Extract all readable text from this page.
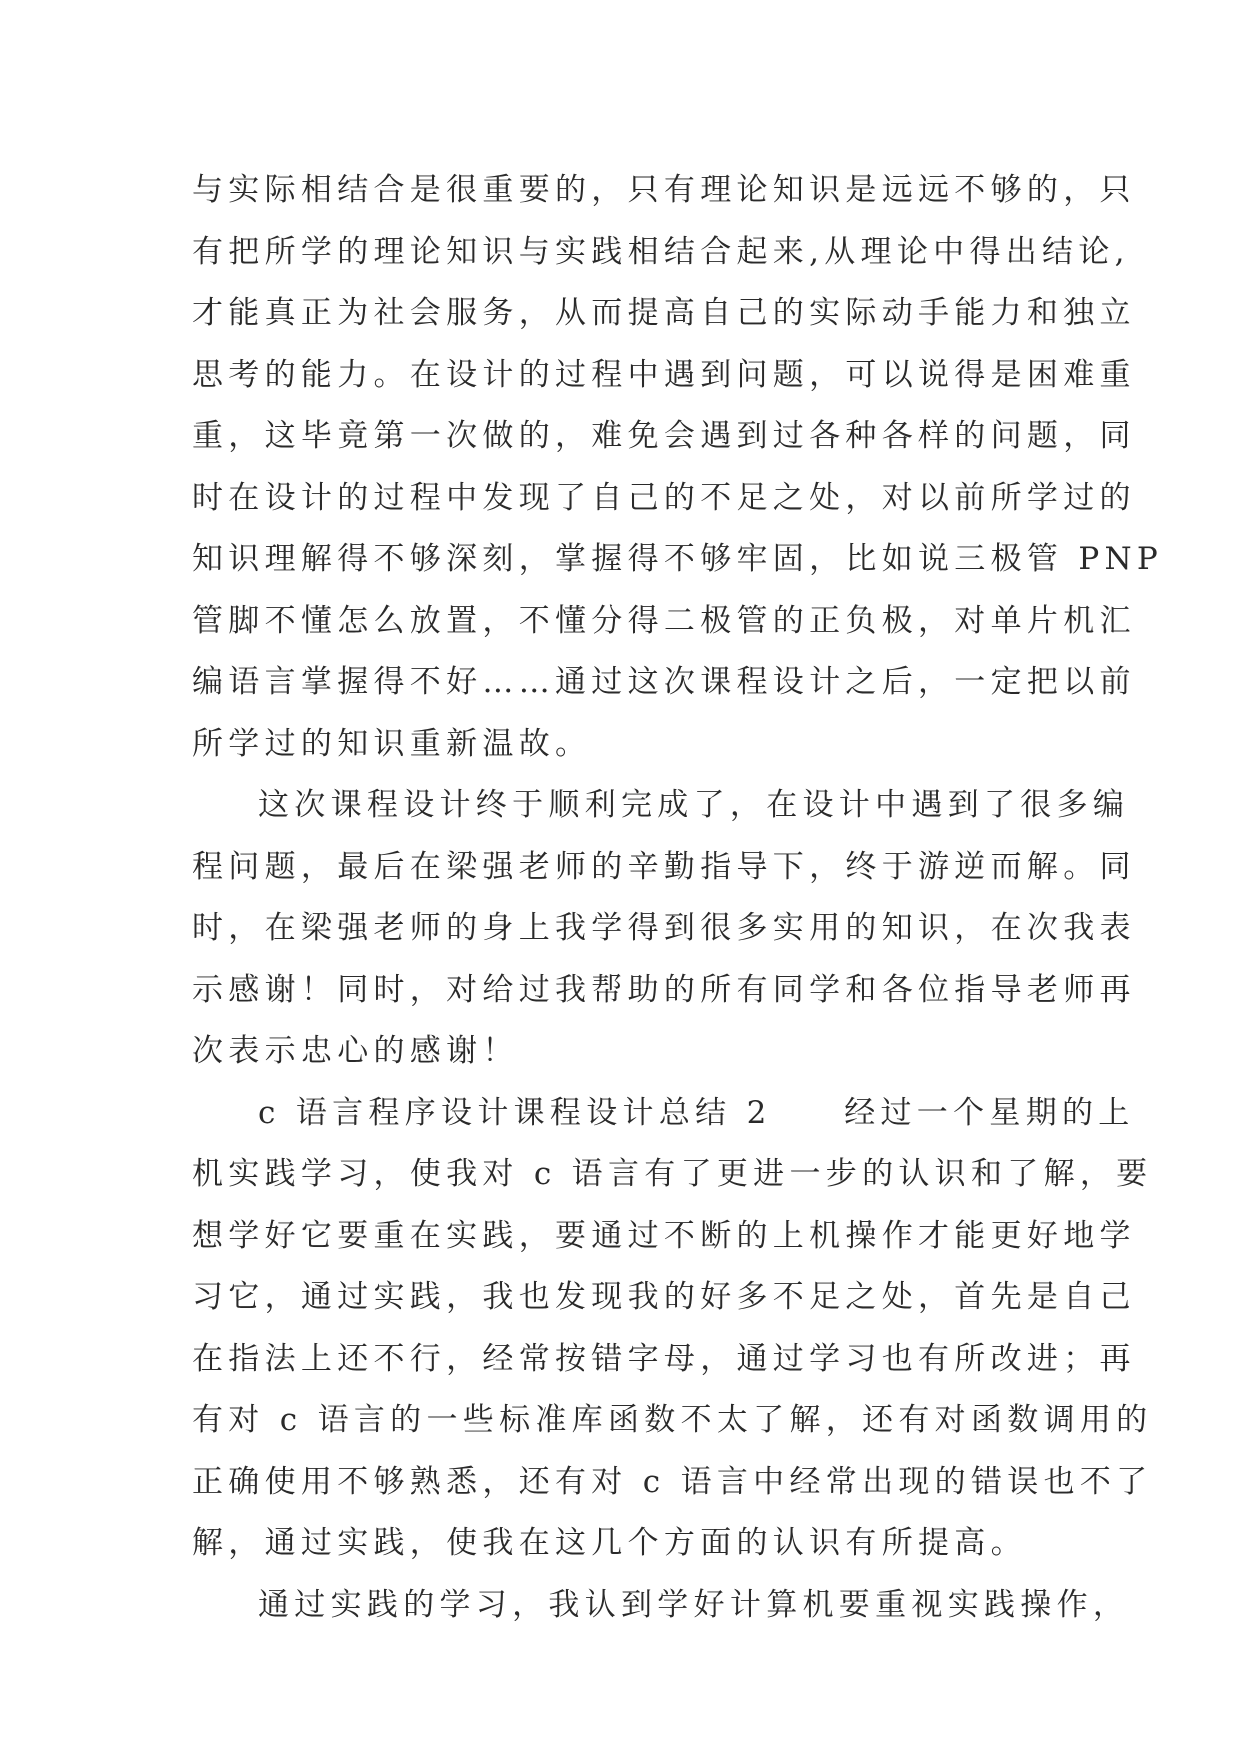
与实际相结合是很重要的，只有理论知识是远远不够的，只
有把所学的理论知识与实践相结合起来,从理论中得出结论,
才能真正为社会服务，从而提高自己的实际动手能力和独立
思考的能力。在设计的过程中遇到问题，可以说得是困难重
重，这毕竟第一次做的，难免会遇到过各种各样的问题，同
时在设计的过程中发现了自己的不足之处，对以前所学过的
知识理解得不够深刻，掌握得不够牢固，比如说三极管 PNP
管脚不懂怎么放置，不懂分得二极管的正负极，对单片机汇
编语言掌握得不好……通过这次课程设计之后，一定把以前
所学过的知识重新温故。
这次课程设计终于顺利完成了，在设计中遇到了很多编
程问题，最后在梁强老师的辛勤指导下，终于游逆而解。同
时，在梁强老师的身上我学得到很多实用的知识，在次我表
示感谢！同时，对给过我帮助的所有同学和各位指导老师再
次表示忠心的感谢！
c 语言程序设计课程设计总结 2　　经过一个星期的上
机实践学习，使我对 c 语言有了更进一步的认识和了解，要
想学好它要重在实践，要通过不断的上机操作才能更好地学
习它，通过实践，我也发现我的好多不足之处，首先是自己
在指法上还不行，经常按错字母，通过学习也有所改进；再
有对 c 语言的一些标准库函数不太了解，还有对函数调用的
正确使用不够熟悉，还有对 c 语言中经常出现的错误也不了
解，通过实践，使我在这几个方面的认识有所提高。
通过实践的学习，我认到学好计算机要重视实践操作，
